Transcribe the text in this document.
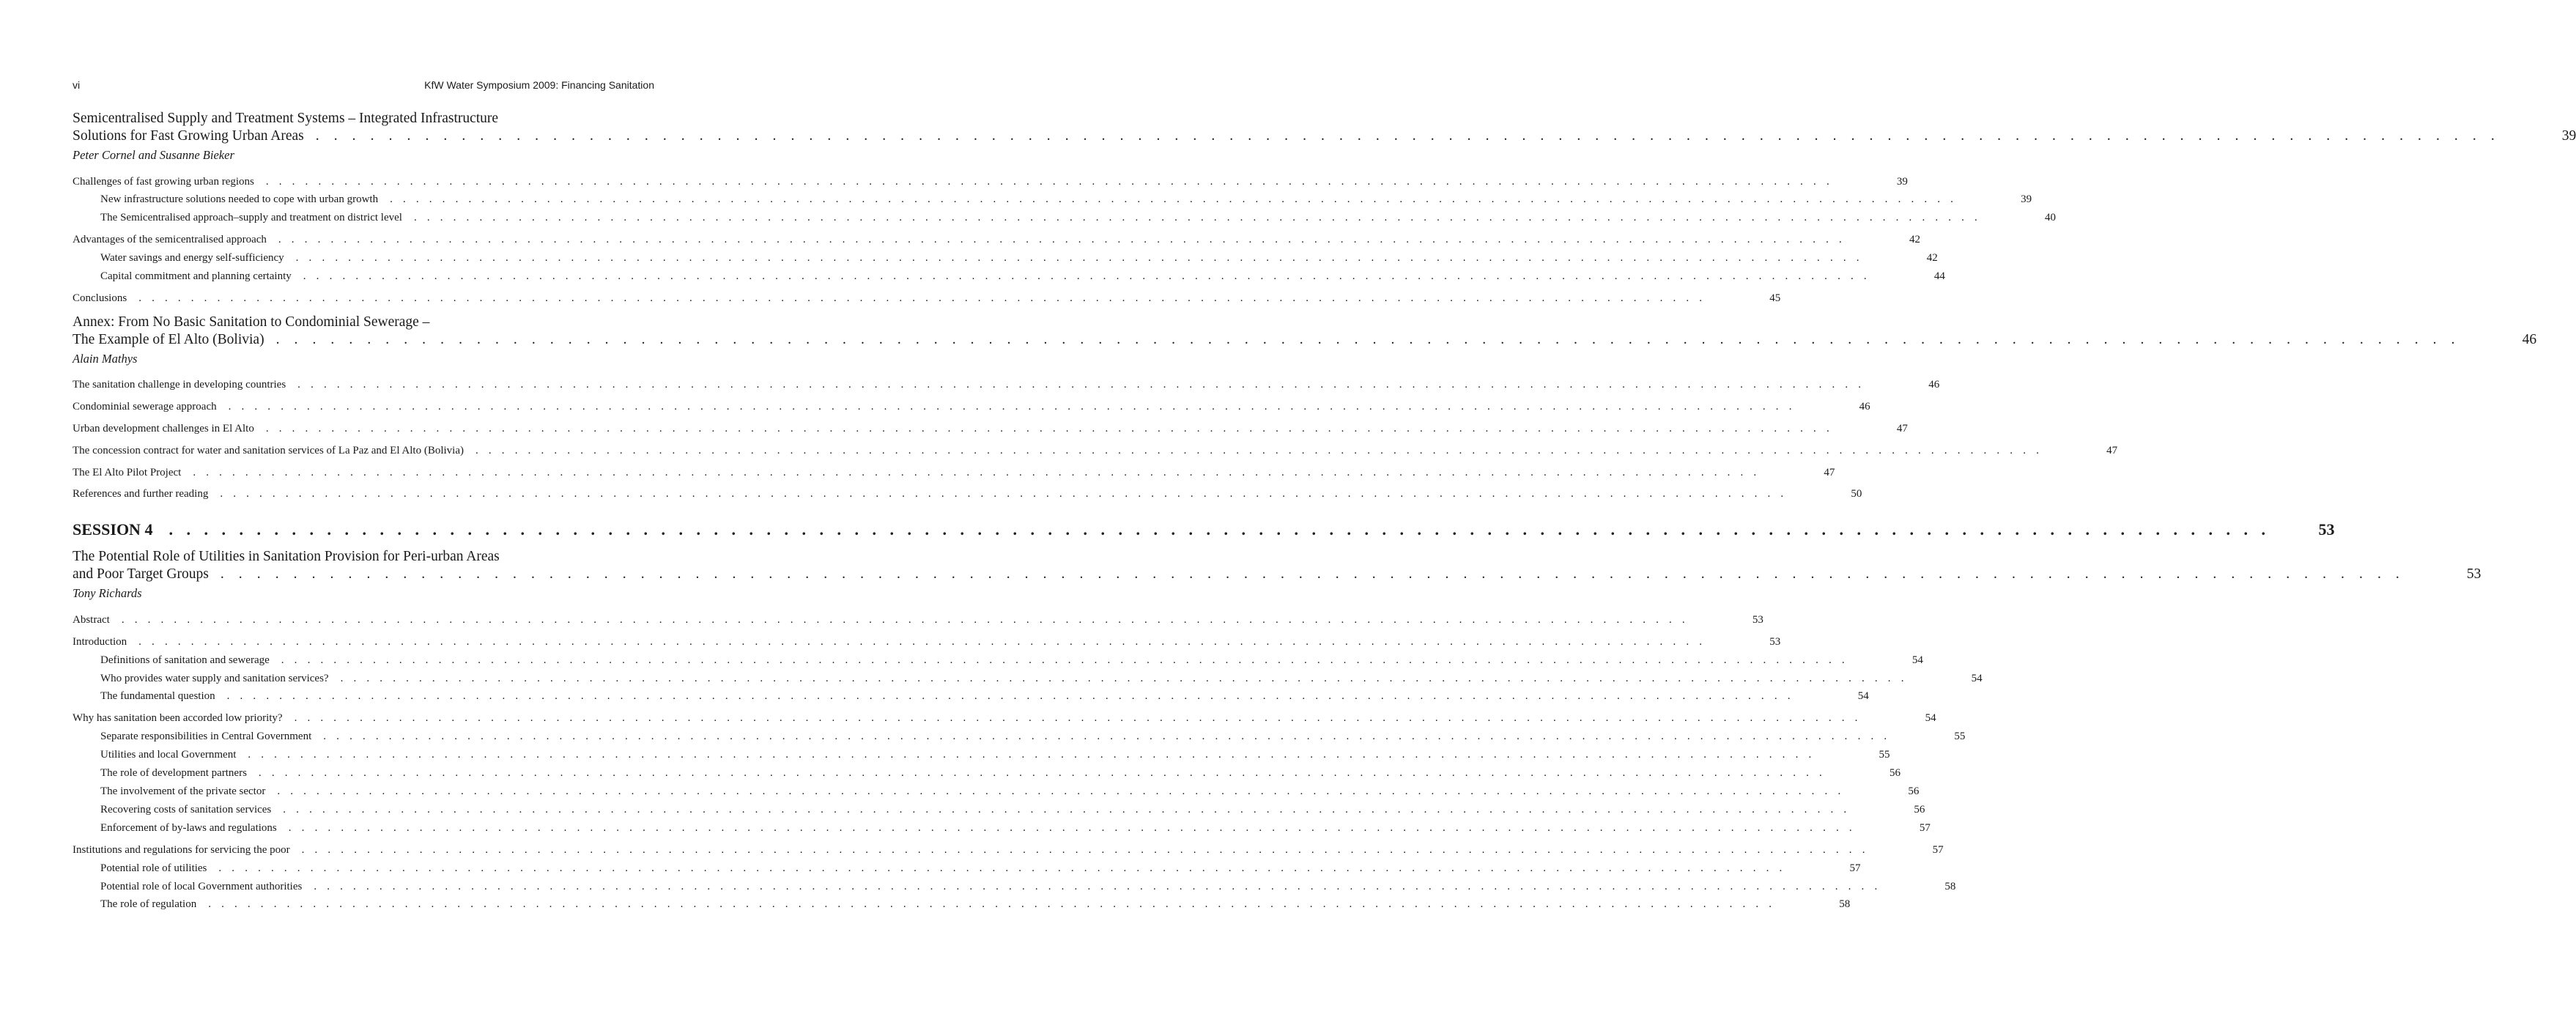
vi	KfW Water Symposium 2009: Financing Sanitation
Semicentralised Supply and Treatment Systems – Integrated Infrastructure
Solutions for Fast Growing Urban Areas . . . . . . . . . . . . . . . . . . . . . . . . . . . . . . . . . . . . . . . . . . . . . . . . . . . . . . . . . . . . . . . . . . . . . . . . . . . . . . . . . . . . . . . . . . . . . . . . . . . . . . . . . . . . . . . . . . . . . . . .	39
Peter Cornel and Susanne Bieker
Challenges of fast growing urban regions . . . . . . . . . . . . . . . . . . . . . . . . . . . . . . . . . . . . . . . . . . . . . . . . . . . . . . . . . . . . . . . . . . . . . . . . . . . . . . . . . . . . . . . . . . . . . . . . . . . . . . . . . . . . . . . . . . . . . . . .	39
New infrastructure solutions needed to cope with urban growth . . . . . . . . . . . . . . . . . . . . . . . . . . . . . . . . . . . . . . . . . . . . . . . . . . . . . . . . . . . . . . . . . . . . . . . . . . . . . . . . . . . . . . . . . . . . . . . . . . . . . . . . . . . . . . . . . . . . . . . .	39
The Semicentralised approach–supply and treatment on district level . . . . . . . . . . . . . . . . . . . . . . . . . . . . . . . . . . . . . . . . . . . . . . . . . . . . . . . . . . . . . . . . . . . . . . . . . . . . . . . . . . . . . . . . . . . . . . . . . . . . . . . . . . . . . . . . . . . . . . . .	40
Advantages of the semicentralised approach . . . . . . . . . . . . . . . . . . . . . . . . . . . . . . . . . . . . . . . . . . . . . . . . . . . . . . . . . . . . . . . . . . . . . . . . . . . . . . . . . . . . . . . . . . . . . . . . . . . . . . . . . . . . . . . . . . . . . . . .	42
Water savings and energy self-sufficiency . . . . . . . . . . . . . . . . . . . . . . . . . . . . . . . . . . . . . . . . . . . . . . . . . . . . . . . . . . . . . . . . . . . . . . . . . . . . . . . . . . . . . . . . . . . . . . . . . . . . . . . . . . . . . . . . . . . . . . . .	42
Capital commitment and planning certainty . . . . . . . . . . . . . . . . . . . . . . . . . . . . . . . . . . . . . . . . . . . . . . . . . . . . . . . . . . . . . . . . . . . . . . . . . . . . . . . . . . . . . . . . . . . . . . . . . . . . . . . . . . . . . . . . . . . . . . . .	44
Conclusions . . . . . . . . . . . . . . . . . . . . . . . . . . . . . . . . . . . . . . . . . . . . . . . . . . . . . . . . . . . . . . . . . . . . . . . . . . . . . . . . . . . . . . . . . . . . . . . . . . . . . . . . . . . . . . . . . . . . . . . .	45
Annex: From No Basic Sanitation to Condominial Sewerage –
The Example of El Alto (Bolivia) . . . . . . . . . . . . . . . . . . . . . . . . . . . . . . . . . . . . . . . . . . . . . . . . . . . . . . . . . . . . . . . . . . . . . . . . . . . . . . . . . . . . . . . . . . . . . . . . . . . . . . . . . . . . . . . . . . . . . . . .	46
Alain Mathys
The sanitation challenge in developing countries . . . . . . . . . . . . . . . . . . . . . . . . . . . . . . . . . . . . . . . . . . . . . . . . . . . . . . . . . . . . . . . . . . . . . . . . . . . . . . . . . . . . . . . . . . . . . . . . . . . . . . . . . . . . . . . . . . . . . . . .	46
Condominial sewerage approach . . . . . . . . . . . . . . . . . . . . . . . . . . . . . . . . . . . . . . . . . . . . . . . . . . . . . . . . . . . . . . . . . . . . . . . . . . . . . . . . . . . . . . . . . . . . . . . . . . . . . . . . . . . . . . . . . . . . . . . .	46
Urban development challenges in El Alto . . . . . . . . . . . . . . . . . . . . . . . . . . . . . . . . . . . . . . . . . . . . . . . . . . . . . . . . . . . . . . . . . . . . . . . . . . . . . . . . . . . . . . . . . . . . . . . . . . . . . . . . . . . . . . . . . . . . . . . .	47
The concession contract for water and sanitation services of La Paz and El Alto (Bolivia) . . . . . . . . . . . . . . . . . . . . . . . . . . . . . . . . . . . . . . . . . . . . . . . . . . . . . . . . . . . . . . . . . . . . . . . . . . . . . . . . . . . . . . . . . . . . . . . . . . . . . . . . . . . . . . . . . . . . . . . .	47
The El Alto Pilot Project . . . . . . . . . . . . . . . . . . . . . . . . . . . . . . . . . . . . . . . . . . . . . . . . . . . . . . . . . . . . . . . . . . . . . . . . . . . . . . . . . . . . . . . . . . . . . . . . . . . . . . . . . . . . . . . . . . . . . . . .	47
References and further reading . . . . . . . . . . . . . . . . . . . . . . . . . . . . . . . . . . . . . . . . . . . . . . . . . . . . . . . . . . . . . . . . . . . . . . . . . . . . . . . . . . . . . . . . . . . . . . . . . . . . . . . . . . . . . . . . . . . . . . . .	50
SESSION 4 . . . . . . . . . . . . . . . . . . . . . . . . . . . . . . . . . . . . . . . . . . . . . . . . . . . . . . . . . . . . . . . . . . . . . . . . . . . . . . . . . . . . . . . . . . . . . . . . . . . . . . . . . . . . . . . . . . . . . . . .	53
The Potential Role of Utilities in Sanitation Provision for Peri-urban Areas
and Poor Target Groups . . . . . . . . . . . . . . . . . . . . . . . . . . . . . . . . . . . . . . . . . . . . . . . . . . . . . . . . . . . . . . . . . . . . . . . . . . . . . . . . . . . . . . . . . . . . . . . . . . . . . . . . . . . . . . . . . . . . . . . .	53
Tony Richards
Abstract . . . . . . . . . . . . . . . . . . . . . . . . . . . . . . . . . . . . . . . . . . . . . . . . . . . . . . . . . . . . . . . . . . . . . . . . . . . . . . . . . . . . . . . . . . . . . . . . . . . . . . . . . . . . . . . . . . . . . . . .	53
Introduction . . . . . . . . . . . . . . . . . . . . . . . . . . . . . . . . . . . . . . . . . . . . . . . . . . . . . . . . . . . . . . . . . . . . . . . . . . . . . . . . . . . . . . . . . . . . . . . . . . . . . . . . . . . . . . . . . . . . . . . .	53
Definitions of sanitation and sewerage . . . . . . . . . . . . . . . . . . . . . . . . . . . . . . . . . . . . . . . . . . . . . . . . . . . . . . . . . . . . . . . . . . . . . . . . . . . . . . . . . . . . . . . . . . . . . . . . . . . . . . . . . . . . . . . . . . . . . . . .	54
Who provides water supply and sanitation services? . . . . . . . . . . . . . . . . . . . . . . . . . . . . . . . . . . . . . . . . . . . . . . . . . . . . . . . . . . . . . . . . . . . . . . . . . . . . . . . . . . . . . . . . . . . . . . . . . . . . . . . . . . . . . . . . . . . . . . . .	54
The fundamental question . . . . . . . . . . . . . . . . . . . . . . . . . . . . . . . . . . . . . . . . . . . . . . . . . . . . . . . . . . . . . . . . . . . . . . . . . . . . . . . . . . . . . . . . . . . . . . . . . . . . . . . . . . . . . . . . . . . . . . . .	54
Why has sanitation been accorded low priority? . . . . . . . . . . . . . . . . . . . . . . . . . . . . . . . . . . . . . . . . . . . . . . . . . . . . . . . . . . . . . . . . . . . . . . . . . . . . . . . . . . . . . . . . . . . . . . . . . . . . . . . . . . . . . . . . . . . . . . . .	54
Separate responsibilities in Central Government . . . . . . . . . . . . . . . . . . . . . . . . . . . . . . . . . . . . . . . . . . . . . . . . . . . . . . . . . . . . . . . . . . . . . . . . . . . . . . . . . . . . . . . . . . . . . . . . . . . . . . . . . . . . . . . . . . . . . . . .	55
Utilities and local Government . . . . . . . . . . . . . . . . . . . . . . . . . . . . . . . . . . . . . . . . . . . . . . . . . . . . . . . . . . . . . . . . . . . . . . . . . . . . . . . . . . . . . . . . . . . . . . . . . . . . . . . . . . . . . . . . . . . . . . . .	55
The role of development partners . . . . . . . . . . . . . . . . . . . . . . . . . . . . . . . . . . . . . . . . . . . . . . . . . . . . . . . . . . . . . . . . . . . . . . . . . . . . . . . . . . . . . . . . . . . . . . . . . . . . . . . . . . . . . . . . . . . . . . . .	56
The involvement of the private sector . . . . . . . . . . . . . . . . . . . . . . . . . . . . . . . . . . . . . . . . . . . . . . . . . . . . . . . . . . . . . . . . . . . . . . . . . . . . . . . . . . . . . . . . . . . . . . . . . . . . . . . . . . . . . . . . . . . . . . . .	56
Recovering costs of sanitation services . . . . . . . . . . . . . . . . . . . . . . . . . . . . . . . . . . . . . . . . . . . . . . . . . . . . . . . . . . . . . . . . . . . . . . . . . . . . . . . . . . . . . . . . . . . . . . . . . . . . . . . . . . . . . . . . . . . . . . . .	56
Enforcement of by-laws and regulations . . . . . . . . . . . . . . . . . . . . . . . . . . . . . . . . . . . . . . . . . . . . . . . . . . . . . . . . . . . . . . . . . . . . . . . . . . . . . . . . . . . . . . . . . . . . . . . . . . . . . . . . . . . . . . . . . . . . . . . .	57
Institutions and regulations for servicing the poor . . . . . . . . . . . . . . . . . . . . . . . . . . . . . . . . . . . . . . . . . . . . . . . . . . . . . . . . . . . . . . . . . . . . . . . . . . . . . . . . . . . . . . . . . . . . . . . . . . . . . . . . . . . . . . . . . . . . . . . .	57
Potential role of utilities . . . . . . . . . . . . . . . . . . . . . . . . . . . . . . . . . . . . . . . . . . . . . . . . . . . . . . . . . . . . . . . . . . . . . . . . . . . . . . . . . . . . . . . . . . . . . . . . . . . . . . . . . . . . . . . . . . . . . . . .	57
Potential role of local Government authorities . . . . . . . . . . . . . . . . . . . . . . . . . . . . . . . . . . . . . . . . . . . . . . . . . . . . . . . . . . . . . . . . . . . . . . . . . . . . . . . . . . . . . . . . . . . . . . . . . . . . . . . . . . . . . . . . . . . . . . . .	58
The role of regulation . . . . . . . . . . . . . . . . . . . . . . . . . . . . . . . . . . . . . . . . . . . . . . . . . . . . . . . . . . . . . . . . . . . . . . . . . . . . . . . . . . . . . . . . . . . . . . . . . . . . . . . . . . . . . . . . . . . . . . . .	58
